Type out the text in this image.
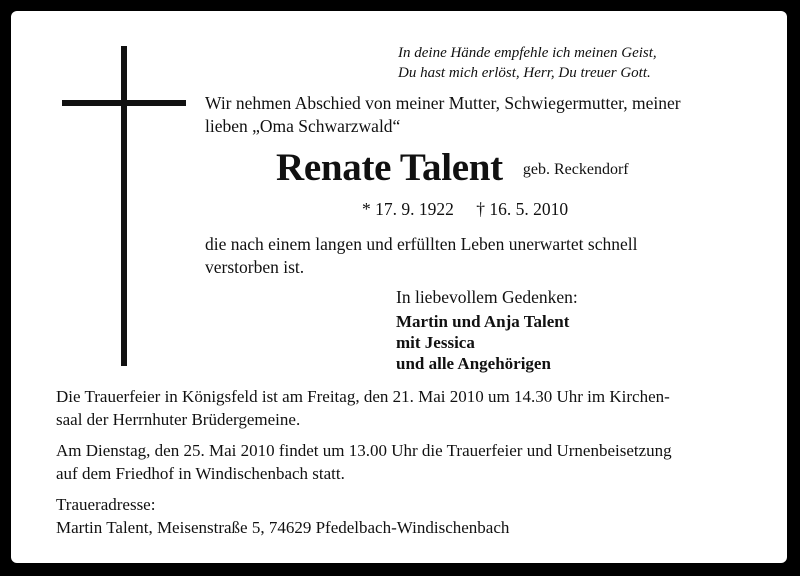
In deine Hände empfehle ich meinen Geist,
Du hast mich erlöst, Herr, Du treuer Gott.
Wir nehmen Abschied von meiner Mutter, Schwiegermutter, meiner
lieben „Oma Schwarzwald“
Renate Talent geb. Reckendorf
* 17. 9. 1922 † 16. 5. 2010
die nach einem langen und erfüllten Leben unerwartet schnell
verstorben ist.
In liebevollem Gedenken:
Martin und Anja Talent
mit Jessica
und alle Angehörigen
Die Trauerfeier in Königsfeld ist am Freitag, den 21. Mai 2010 um 14.30 Uhr im Kirchen-
saal der Herrnhuter Brüdergemeine.
Am Dienstag, den 25. Mai 2010 findet um 13.00 Uhr die Trauerfeier und Urnenbeisetzung
auf dem Friedhof in Windischenbach statt.
Traueradresse:
Martin Talent, Meisenstraße 5, 74629 Pfedelbach-Windischenbach
